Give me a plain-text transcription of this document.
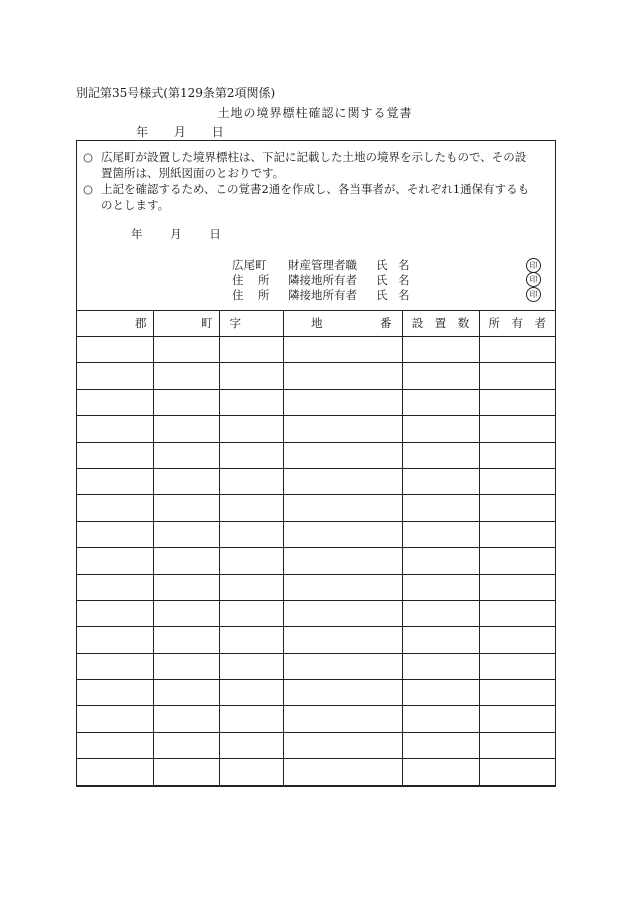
別記第35号様式(第129条第2項関係)
土地の境界標柱確認に関する覚書
年 月 日
○ 広尾町が設置した境界標柱は、下記に記載した土地の境界を示したもので、その設
置箇所は、別紙図面のとおりです。
○ 上記を確認するため、この覚書2通を作成し、各当事者が、それぞれ1通保有するも
のとします。
年 月 日
広尾町 財産管理者職 氏 名
住 所 隣接地所有者 氏 名
住 所 隣接地所有者 氏 名
印
印
印
郡	町	字	地　　　　　番	設　置　数	所　有　者
